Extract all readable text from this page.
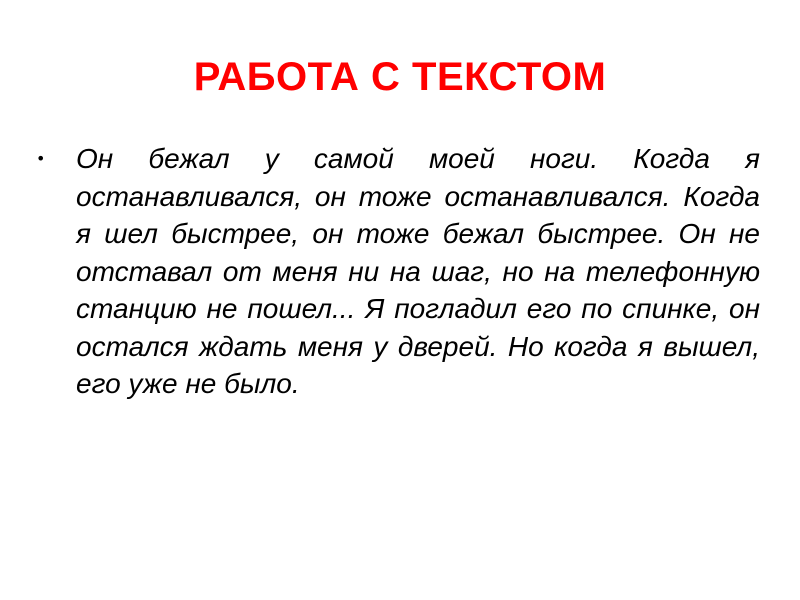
РАБОТА С ТЕКСТОМ
•	Он бежал у самой моей ноги. Когда я останавливался, он тоже останавливался. Когда я шел быстрее, он тоже бежал быстрее. Он не отставал от меня ни на шаг, но на телефонную станцию не пошел... Я погладил его по спинке, он остался ждать меня у дверей. Но когда я вышел, его уже не было.
